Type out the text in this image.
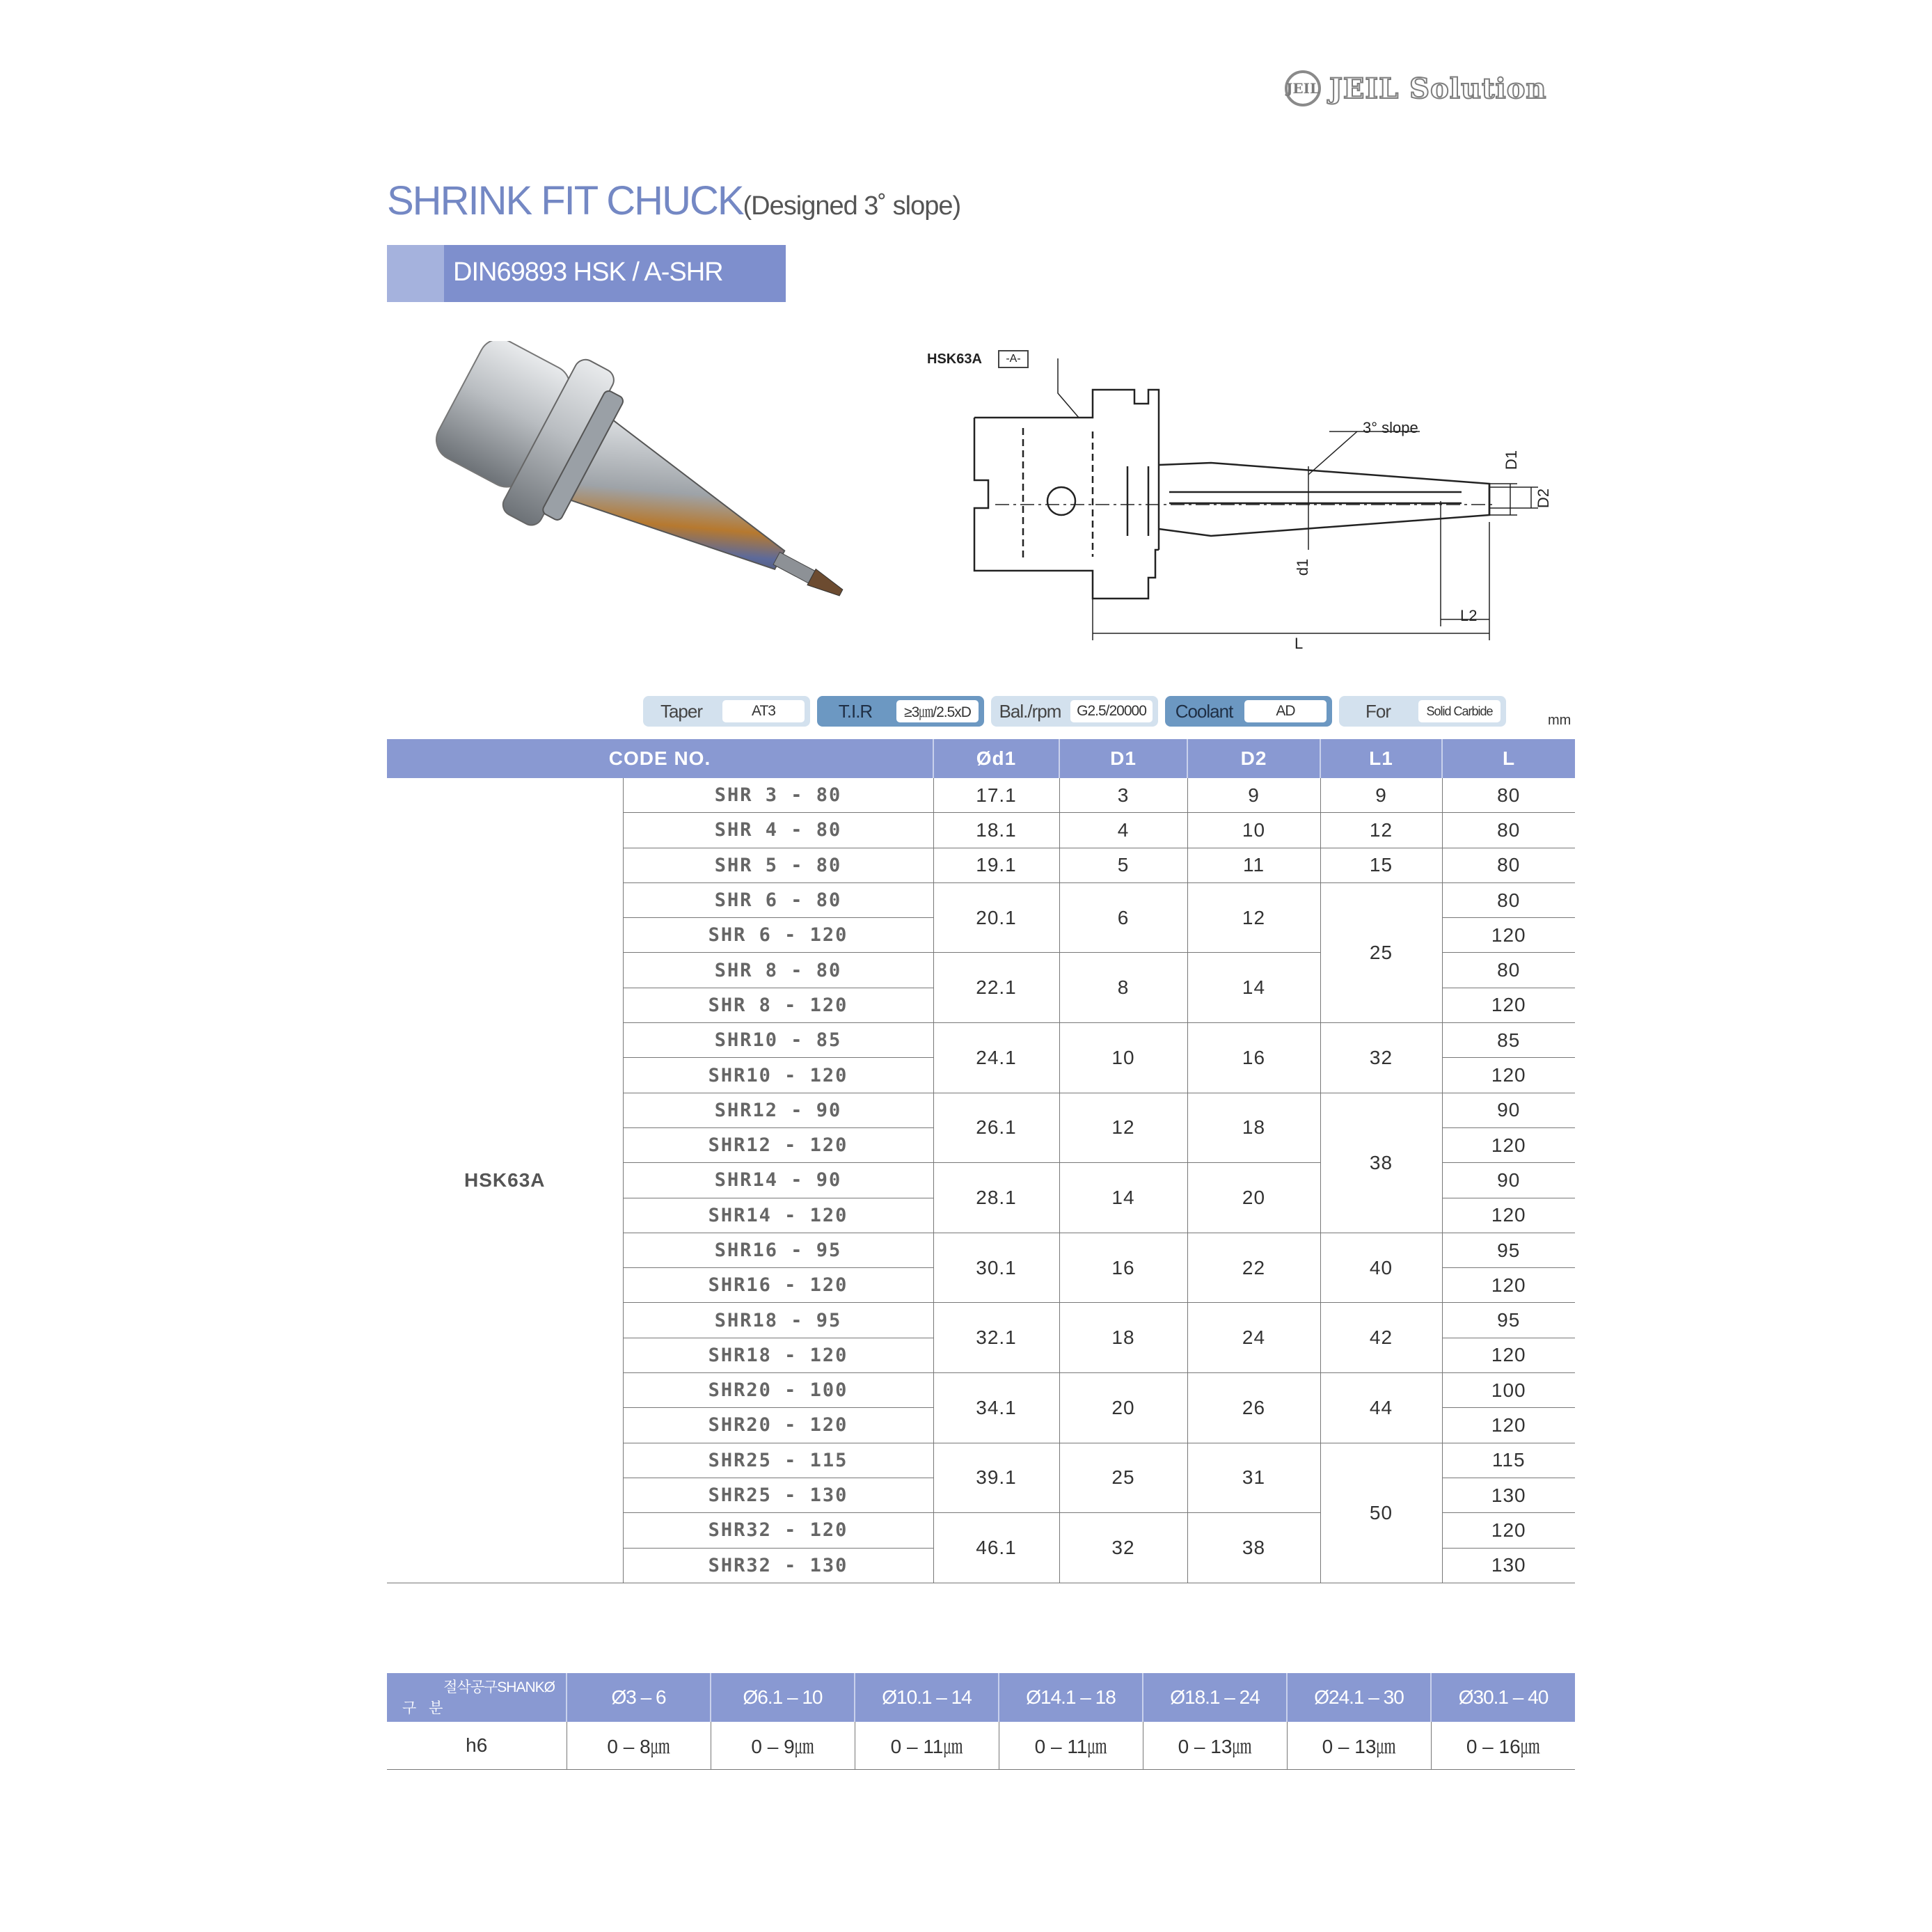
JEIL JEIL Solution
SHRINK FIT CHUCK(Designed 3˚ slope)
DIN69893 HSK / A-SHR
HSK63A	-A-
3° slope
D1
D2
d1
L2
L
Taper	AT3	T.I.R	≥3㎛/2.5xD	Bal./rpm	G2.5/20000	Coolant	AD	For	Solid Carbide
mm
CODE NO.		Ød1	D1	D2	L1	L
HSK63A	SHR 3 - 80	17.1	3	9	9	80
	SHR 4 - 80	18.1	4	10	12	80
	SHR 5 - 80	19.1	5	11	15	80
	SHR 6 - 80	20.1	6	12	25	80
	SHR 6 - 120					120
	SHR 8 - 80	22.1	8	14		80
	SHR 8 - 120					120
	SHR10 - 85	24.1	10	16	32	85
	SHR10 - 120					120
	SHR12 - 90	26.1	12	18	38	90
	SHR12 - 120					120
	SHR14 - 90	28.1	14	20		90
	SHR14 - 120					120
	SHR16 - 95	30.1	16	22	40	95
	SHR16 - 120					120
	SHR18 - 95	32.1	18	24	42	95
	SHR18 - 120					120
	SHR20 - 100	34.1	20	26	44	100
	SHR20 - 120					120
	SHR25 - 115	39.1	25	31	50	115
	SHR25 - 130					130
	SHR32 - 120	46.1	32	38		120
	SHR32 - 130					130
절삭공구SHANKØ
구 분	Ø3 – 6	Ø6.1 – 10	Ø10.1 – 14	Ø14.1 – 18	Ø18.1 – 24	Ø24.1 – 30	Ø30.1 – 40
h6	0 – 8㎛	0 – 9㎛	0 – 11㎛	0 – 11㎛	0 – 13㎛	0 – 13㎛	0 – 16㎛
